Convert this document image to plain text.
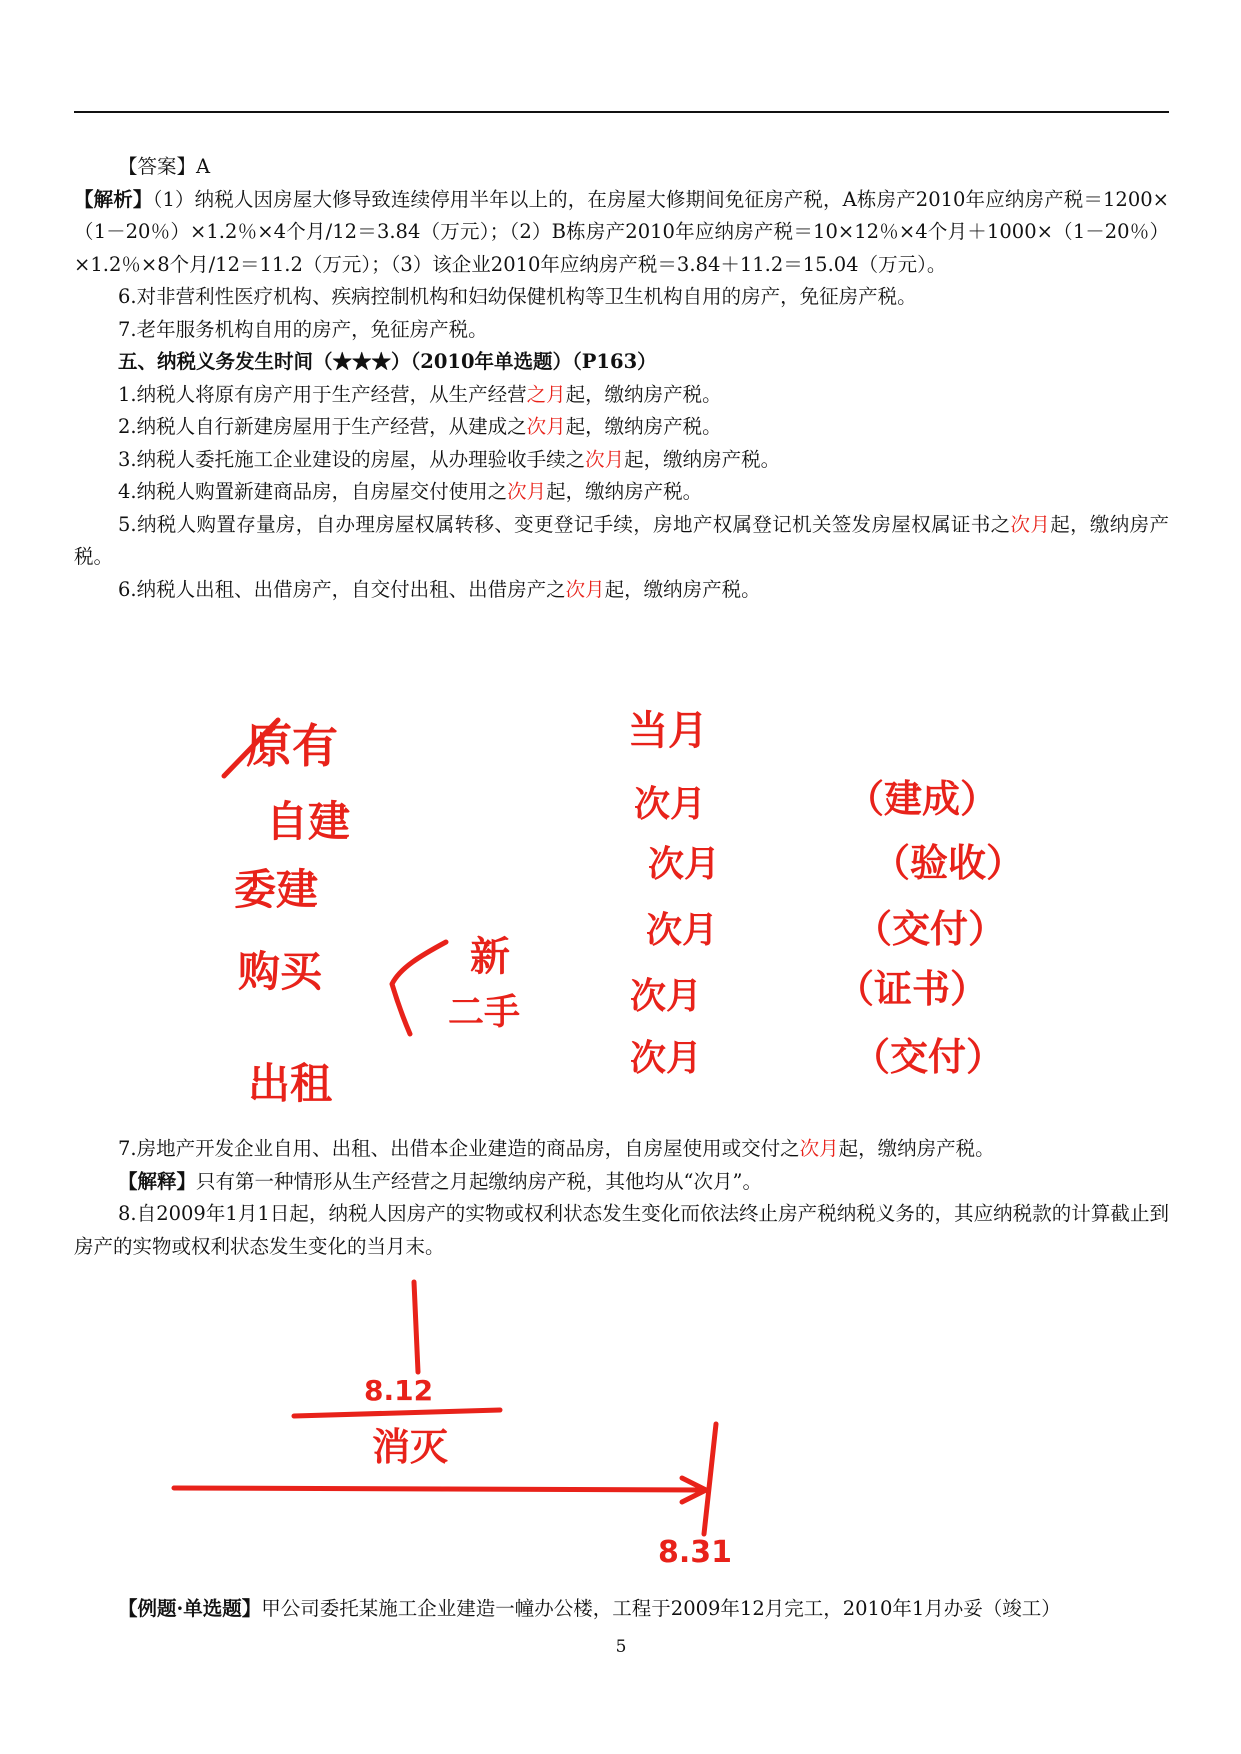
【答案】A

【解析】（1）纳税人因房屋大修导致连续停用半年以上的，在房屋大修期间免征房产税，A栋房产2010年应纳房产税＝1200×（1－20％）×1.2％×4个月/12＝3.84（万元）；（2）B栋房产2010年应纳房产税＝10×12％×4个月＋1000×（1－20％）×1.2％×8个月/12＝11.2（万元）；（3）该企业2010年应纳房产税＝3.84＋11.2＝15.04（万元）。

6.对非营利性医疗机构、疾病控制机构和妇幼保健机构等卫生机构自用的房产，免征房产税。

7.老年服务机构自用的房产，免征房产税。

五、纳税义务发生时间（★★★）（2010年单选题）（P163）

1.纳税人将原有房产用于生产经营，从生产经营之月起，缴纳房产税。

2.纳税人自行新建房屋用于生产经营，从建成之次月起，缴纳房产税。

3.纳税人委托施工企业建设的房屋，从办理验收手续之次月起，缴纳房产税。

4.纳税人购置新建商品房，自房屋交付使用之次月起，缴纳房产税。

5.纳税人购置存量房，自办理房屋权属转移、变更登记手续，房地产权属登记机关签发房屋权属证书之次月起，缴纳房产税。

6.纳税人出租、出借房产，自交付出租、出借房产之次月起，缴纳房产税。

7.房地产开发企业自用、出租、出借本企业建造的商品房，自房屋使用或交付之次月起，缴纳房产税。

【解释】只有第一种情形从生产经营之月起缴纳房产税，其他均从“次月”。

8.自2009年1月1日起，纳税人因房产的实物或权利状态发生变化而依法终止房产税纳税义务的，其应纳税款的计算截止到房产的实物或权利状态发生变化的当月末。

原有
自建
委建
购买	新
二手
出租
当月
次月
次月
次月
次月
次月
（建成）
（验收）
（交付）
（证书）
（交付）
8.12
消灭
8.31
【例题·单选题】甲公司委托某施工企业建造一幢办公楼，工程于2009年12月完工，2010年1月办妥（竣工）
5
